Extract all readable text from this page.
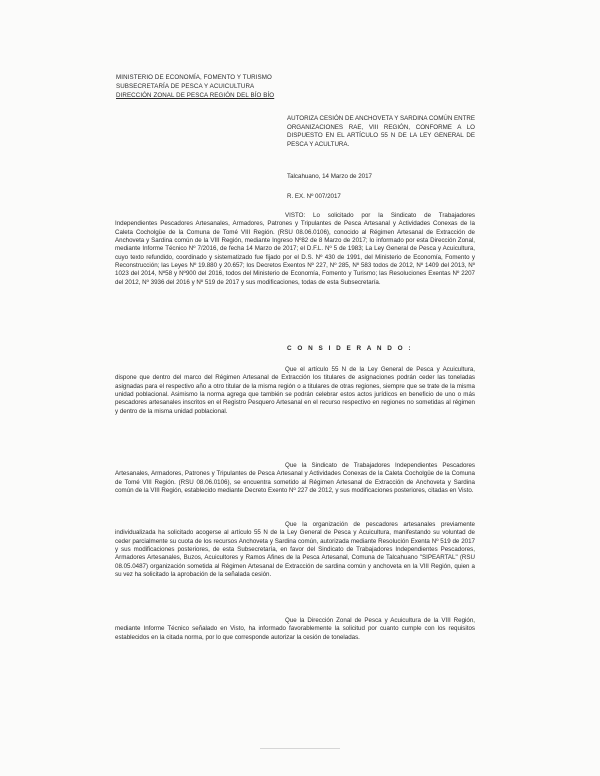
MINISTERIO DE ECONOMÍA, FOMENTO Y TURISMO
SUBSECRETARÍA DE PESCA Y ACUICULTURA
DIRECCIÓN ZONAL DE PESCA REGIÓN DEL BÍO BÍO
AUTORIZA CESIÓN DE ANCHOVETA Y SARDINA COMÚN ENTRE ORGANIZACIONES RAE, VIII REGIÓN, CONFORME A LO DISPUESTO EN EL ARTÍCULO 55 N DE LA LEY GENERAL DE PESCA Y ACULTURA.
Talcahuano, 14 Marzo de 2017
R. EX. Nº 007/2017
VISTO: Lo solicitado por la Sindicato de Trabajadores Independientes Pescadores Artesanales, Armadores, Patrones y Tripulantes de Pesca Artesanal y Actividades Conexas de la Caleta Cocholgüe de la Comuna de Tomé VIII Región. (RSU 08.06.0106), conocido al Régimen Artesanal de Extracción de Anchoveta y Sardina común de la VIII Región, mediante Ingreso Nº82 de 8 Marzo de 2017; lo informado por esta Dirección Zonal, mediante Informe Técnico Nº 7/2016, de fecha 14 Marzo de 2017; el D.F.L. Nº 5 de 1983; La Ley General de Pesca y Acuicultura, cuyo texto refundido, coordinado y sistematizado fue fijado por el D.S. Nº 430 de 1991, del Ministerio de Economía, Fomento y Reconstrucción; las Leyes Nº 19.880 y 20.657; los Decretos Exentos Nº 227, Nº 285, Nº 583 todos de 2012, Nº 1409 del 2013, Nº 1023 del 2014, Nº58 y Nº900 del 2016, todos del Ministerio de Economía, Fomento y Turismo; las Resoluciones Exentas Nº 2207 del 2012, Nº 3936 del 2016 y Nº 519 de 2017 y sus modificaciones, todas de esta Subsecretaría.
C O N S I D E R A N D O :
Que el artículo 55 N de la Ley General de Pesca y Acuicultura, dispone que dentro del marco del Régimen Artesanal de Extracción los titulares de asignaciones podrán ceder las toneladas asignadas para el respectivo año a otro titular de la misma región o a titulares de otras regiones, siempre que se trate de la misma unidad poblacional. Asimismo la norma agrega que también se podrán celebrar estos actos jurídicos en beneficio de uno o más pescadores artesanales inscritos en el Registro Pesquero Artesanal en el recurso respectivo en regiones no sometidas al régimen y dentro de la misma unidad poblacional.
Que la Sindicato de Trabajadores Independientes Pescadores Artesanales, Armadores, Patrones y Tripulantes de Pesca Artesanal y Actividades Conexas de la Caleta Cocholgüe de la Comuna de Tomé VIII Región. (RSU 08.06.0106), se encuentra sometido al Régimen Artesanal de Extracción de Anchoveta y Sardina común de la VIII Región, establecido mediante Decreto Exento Nº 227 de 2012, y sus modificaciones posteriores, citadas en Visto.
Que la organización de pescadores artesanales previamente individualizada ha solicitado acogerse al artículo 55 N de la Ley General de Pesca y Acuicultura, manifestando su voluntad de ceder parcialmente su cuota de los recursos Anchoveta y Sardina común, autorizada mediante Resolución Exenta Nº 519 de 2017 y sus modificaciones posteriores, de esta Subsecretaría, en favor del Sindicato de Trabajadores Independientes Pescadores, Armadores Artesanales, Buzos, Acuicultores y Ramos Afines de la Pesca Artesanal, Comuna de Talcahuano "SIPEARTAL" (RSU 08.05.0487) organización sometida al Régimen Artesanal de Extracción de sardina común y anchoveta en la VIII Región, quien a su vez ha solicitado la aprobación de la señalada cesión.
Que la Dirección Zonal de Pesca y Acuicultura de la VIII Región, mediante Informe Técnico señalado en Visto, ha informado favorablemente la solicitud por cuanto cumple con los requisitos establecidos en la citada norma, por lo que corresponde autorizar la cesión de toneladas.
